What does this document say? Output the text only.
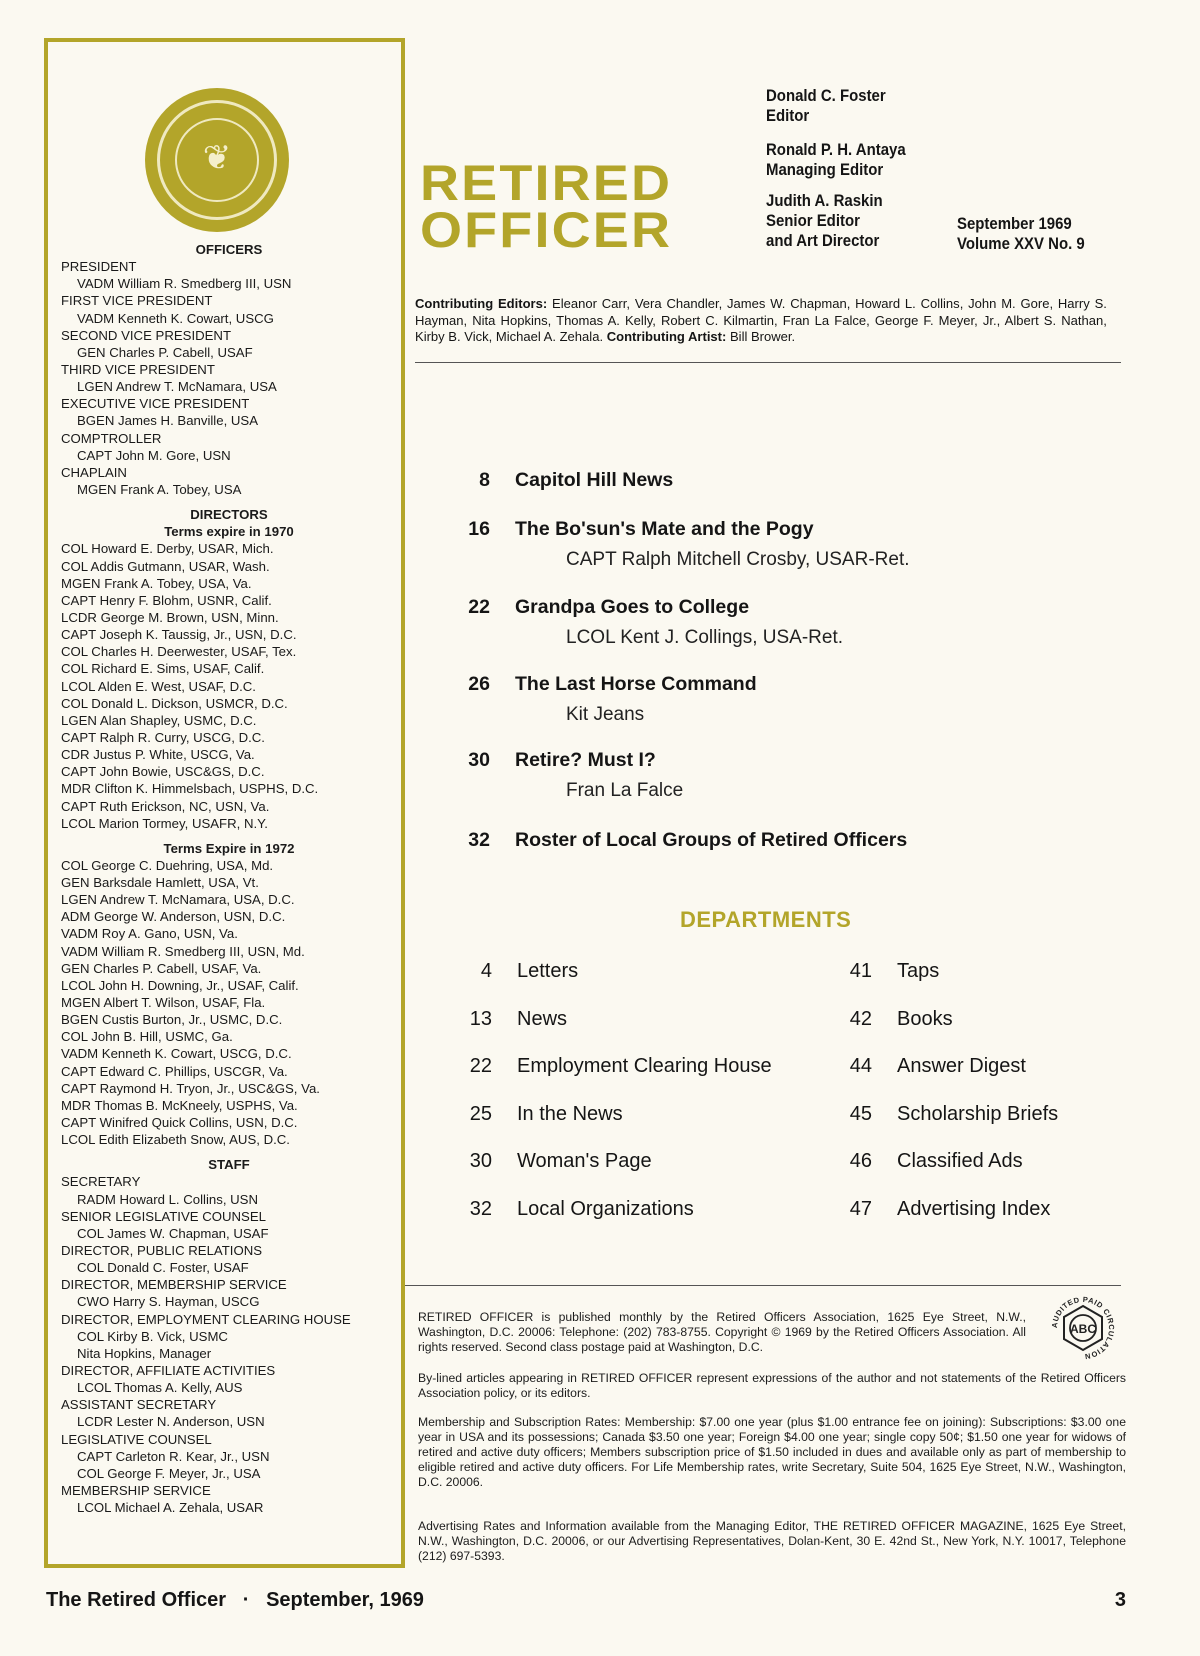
❦
OFFICERS
PRESIDENT
VADM William R. Smedberg III, USN
FIRST VICE PRESIDENT
VADM Kenneth K. Cowart, USCG
SECOND VICE PRESIDENT
GEN Charles P. Cabell, USAF
THIRD VICE PRESIDENT
LGEN Andrew T. McNamara, USA
EXECUTIVE VICE PRESIDENT
BGEN James H. Banville, USA
COMPTROLLER
CAPT John M. Gore, USN
CHAPLAIN
MGEN Frank A. Tobey, USA
DIRECTORS
Terms expire in 1970
COL Howard E. Derby, USAR, Mich.
COL Addis Gutmann, USAR, Wash.
MGEN Frank A. Tobey, USA, Va.
CAPT Henry F. Blohm, USNR, Calif.
LCDR George M. Brown, USN, Minn.
CAPT Joseph K. Taussig, Jr., USN, D.C.
COL Charles H. Deerwester, USAF, Tex.
COL Richard E. Sims, USAF, Calif.
LCOL Alden E. West, USAF, D.C.
COL Donald L. Dickson, USMCR, D.C.
LGEN Alan Shapley, USMC, D.C.
CAPT Ralph R. Curry, USCG, D.C.
CDR Justus P. White, USCG, Va.
CAPT John Bowie, USC&GS, D.C.
MDR Clifton K. Himmelsbach, USPHS, D.C.
CAPT Ruth Erickson, NC, USN, Va.
LCOL Marion Tormey, USAFR, N.Y.
Terms Expire in 1972
COL George C. Duehring, USA, Md.
GEN Barksdale Hamlett, USA, Vt.
LGEN Andrew T. McNamara, USA, D.C.
ADM George W. Anderson, USN, D.C.
VADM Roy A. Gano, USN, Va.
VADM William R. Smedberg III, USN, Md.
GEN Charles P. Cabell, USAF, Va.
LCOL John H. Downing, Jr., USAF, Calif.
MGEN Albert T. Wilson, USAF, Fla.
BGEN Custis Burton, Jr., USMC, D.C.
COL John B. Hill, USMC, Ga.
VADM Kenneth K. Cowart, USCG, D.C.
CAPT Edward C. Phillips, USCGR, Va.
CAPT Raymond H. Tryon, Jr., USC&GS, Va.
MDR Thomas B. McKneely, USPHS, Va.
CAPT Winifred Quick Collins, USN, D.C.
LCOL Edith Elizabeth Snow, AUS, D.C.
STAFF
SECRETARY
RADM Howard L. Collins, USN
SENIOR LEGISLATIVE COUNSEL
COL James W. Chapman, USAF
DIRECTOR, PUBLIC RELATIONS
COL Donald C. Foster, USAF
DIRECTOR, MEMBERSHIP SERVICE
CWO Harry S. Hayman, USCG
DIRECTOR, EMPLOYMENT CLEARING HOUSE
COL Kirby B. Vick, USMC
Nita Hopkins, Manager
DIRECTOR, AFFILIATE ACTIVITIES
LCOL Thomas A. Kelly, AUS
ASSISTANT SECRETARY
LCDR Lester N. Anderson, USN
LEGISLATIVE COUNSEL
CAPT Carleton R. Kear, Jr., USN
COL George F. Meyer, Jr., USA
MEMBERSHIP SERVICE
LCOL Michael A. Zehala, USAR
RETIRED
OFFICER
Donald C. Foster
Editor
Ronald P. H. Antaya
Managing Editor
Judith A. Raskin
Senior Editor
and Art Director
September 1969
Volume XXV No. 9
Contributing Editors: Eleanor Carr, Vera Chandler, James W. Chapman, Howard L. Collins, John M. Gore, Harry S. Hayman, Nita Hopkins, Thomas A. Kelly, Robert C. Kilmartin, Fran La Falce, George F. Meyer, Jr., Albert S. Nathan, Kirby B. Vick, Michael A. Zehala. Contributing Artist: Bill Brower.
8 Capitol Hill News
16 The Bo'sun's Mate and the Pogy
CAPT Ralph Mitchell Crosby, USAR-Ret.
22 Grandpa Goes to College
LCOL Kent J. Collings, USA-Ret.
26 The Last Horse Command
Kit Jeans
30 Retire? Must I?
Fran La Falce
32 Roster of Local Groups of Retired Officers
DEPARTMENTS
4 Letters
13 News
22 Employment Clearing House
25 In the News
30 Woman's Page
32 Local Organizations
41 Taps
42 Books
44 Answer Digest
45 Scholarship Briefs
46 Classified Ads
47 Advertising Index
RETIRED OFFICER is published monthly by the Retired Officers Association, 1625 Eye Street, N.W., Washington, D.C. 20006: Telephone: (202) 783-8755. Copyright © 1969 by the Retired Officers Association. All rights reserved. Second class postage paid at Washington, D.C.
ABC
AUDITED PAID CIRCULATION
By-lined articles appearing in RETIRED OFFICER represent expressions of the author and not statements of the Retired Officers Association policy, or its editors.
Membership and Subscription Rates: Membership: $7.00 one year (plus $1.00 entrance fee on joining): Subscriptions: $3.00 one year in USA and its possessions; Canada $3.50 one year; Foreign $4.00 one year; single copy 50¢; $1.50 one year for widows of retired and active duty officers; Members subscription price of $1.50 included in dues and available only as part of membership to eligible retired and active duty officers. For Life Membership rates, write Secretary, Suite 504, 1625 Eye Street, N.W., Washington, D.C. 20006.
Advertising Rates and Information available from the Managing Editor, THE RETIRED OFFICER MAGAZINE, 1625 Eye Street, N.W., Washington, D.C. 20006, or our Advertising Representatives, Dolan-Kent, 30 E. 42nd St., New York, N.Y. 10017, Telephone (212) 697-5393.
The Retired Officer · September, 1969	3
